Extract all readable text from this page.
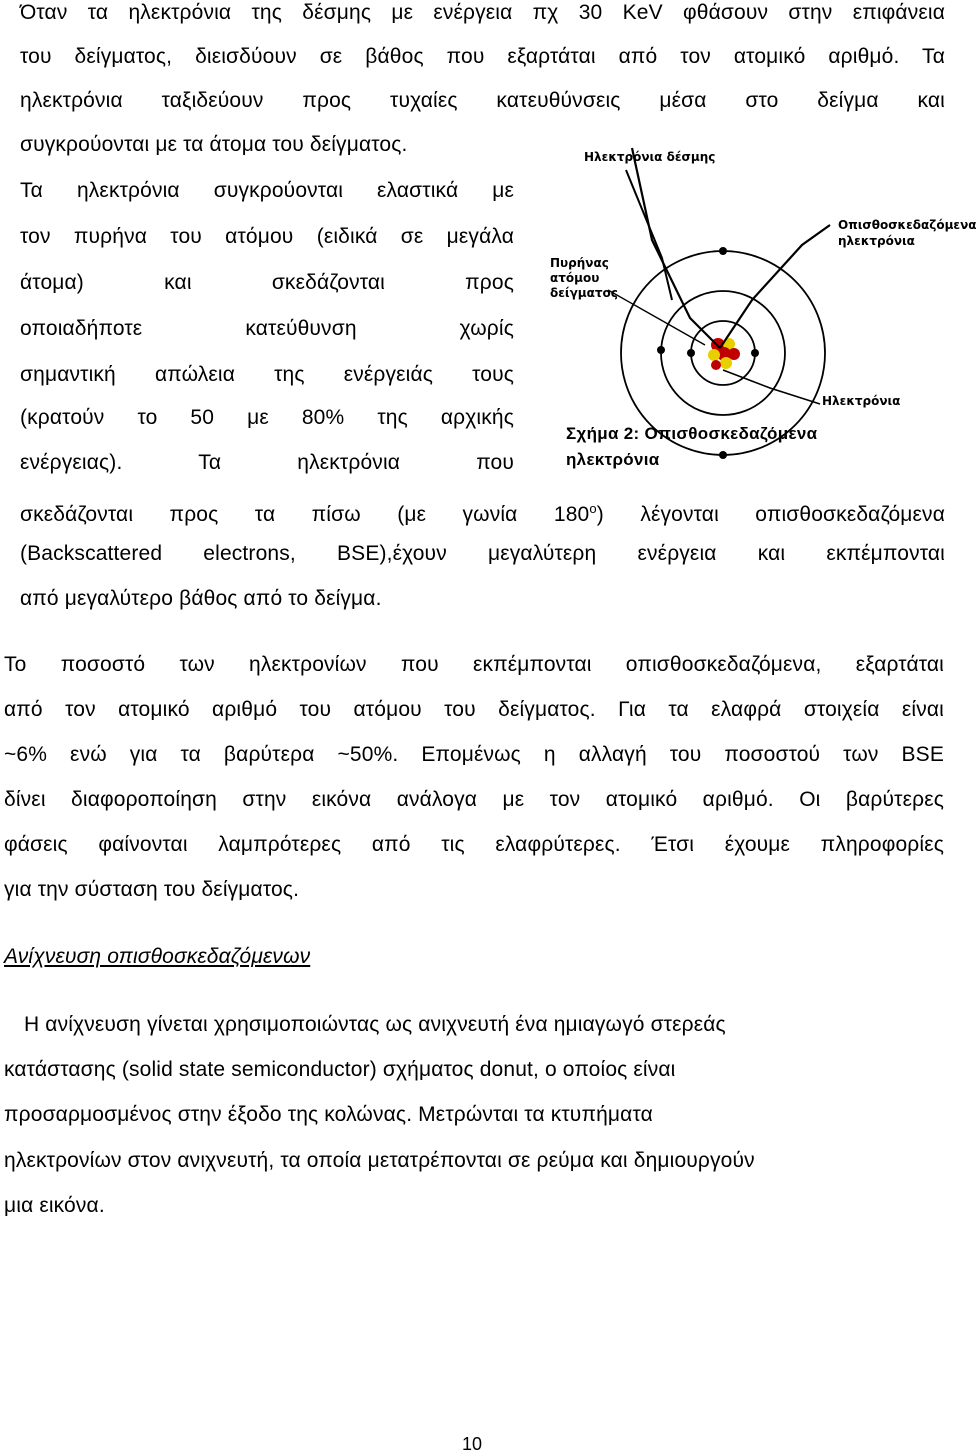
Όταν τα ηλεκτρόνια της δέσμης με ενέργεια πχ 30 KeV φθάσουν στην επιφάνεια

του δείγματος, διεισδύουν σε βάθος που εξαρτάται από τον ατομικό αριθμό. Τα

ηλεκτρόνια ταξιδεύουν προς τυχαίες κατευθύνσεις μέσα στο δείγμα και

συγκρούονται με τα άτομα του δείγματος.

Τα ηλεκτρόνια συγκρούονται ελαστικά με

τον πυρήνα του ατόμου (ειδικά σε μεγάλα

άτομα) και σκεδάζονται προς

οποιαδήποτε κατεύθυνση χωρίς

σημαντική απώλεια της ενέργειάς τους

(κρατούν το 50 με 80% της αρχικής

ενέργειας). Τα ηλεκτρόνια που

σκεδάζονται προς τα πίσω (με γωνία $180^o$) λέγονται οπισθοσκεδαζόμενα

(Backscattered electrons, BSE),έχουν μεγαλύτερη ενέργεια και εκπέμπονται

από μεγαλύτερο βάθος από το δείγμα.

Ηλεκτρόνια δέσμης
Οπισθοσκεδαζόμενα
ηλεκτρόνια
Πυρήνας
ατόμου
δείγματος
Ηλεκτρόνια
Σχήμα 2: Οπισθοσκεδαζόμενα
ηλεκτρόνια

Το ποσοστό των ηλεκτρονίων που εκπέμπονται οπισθοσκεδαζόμενα, εξαρτάται

από τον ατομικό αριθμό του ατόμου του δείγματος. Για τα ελαφρά στοιχεία είναι

~6% ενώ για τα βαρύτερα ~50%. Επομένως η αλλαγή του ποσοστού των BSE

δίνει διαφοροποίηση στην εικόνα ανάλογα με τον ατομικό αριθμό. Οι βαρύτερες

φάσεις φαίνονται λαμπρότερες από τις ελαφρύτερες. Έτσι έχουμε πληροφορίες

για την σύσταση του δείγματος.

Ανίχνευση οπισθοσκεδαζόμενων

Η ανίχνευση γίνεται χρησιμοποιώντας ως ανιχνευτή ένα ημιαγωγό στερεάς

κατάστασης (solid state semiconductor) σχήματος donut, ο οποίος είναι

προσαρμοσμένος στην έξοδο της κολώνας. Μετρώνται τα κτυπήματα

ηλεκτρονίων στον ανιχνευτή, τα οποία μετατρέπονται σε ρεύμα και δημιουργούν

μια εικόνα.

10
